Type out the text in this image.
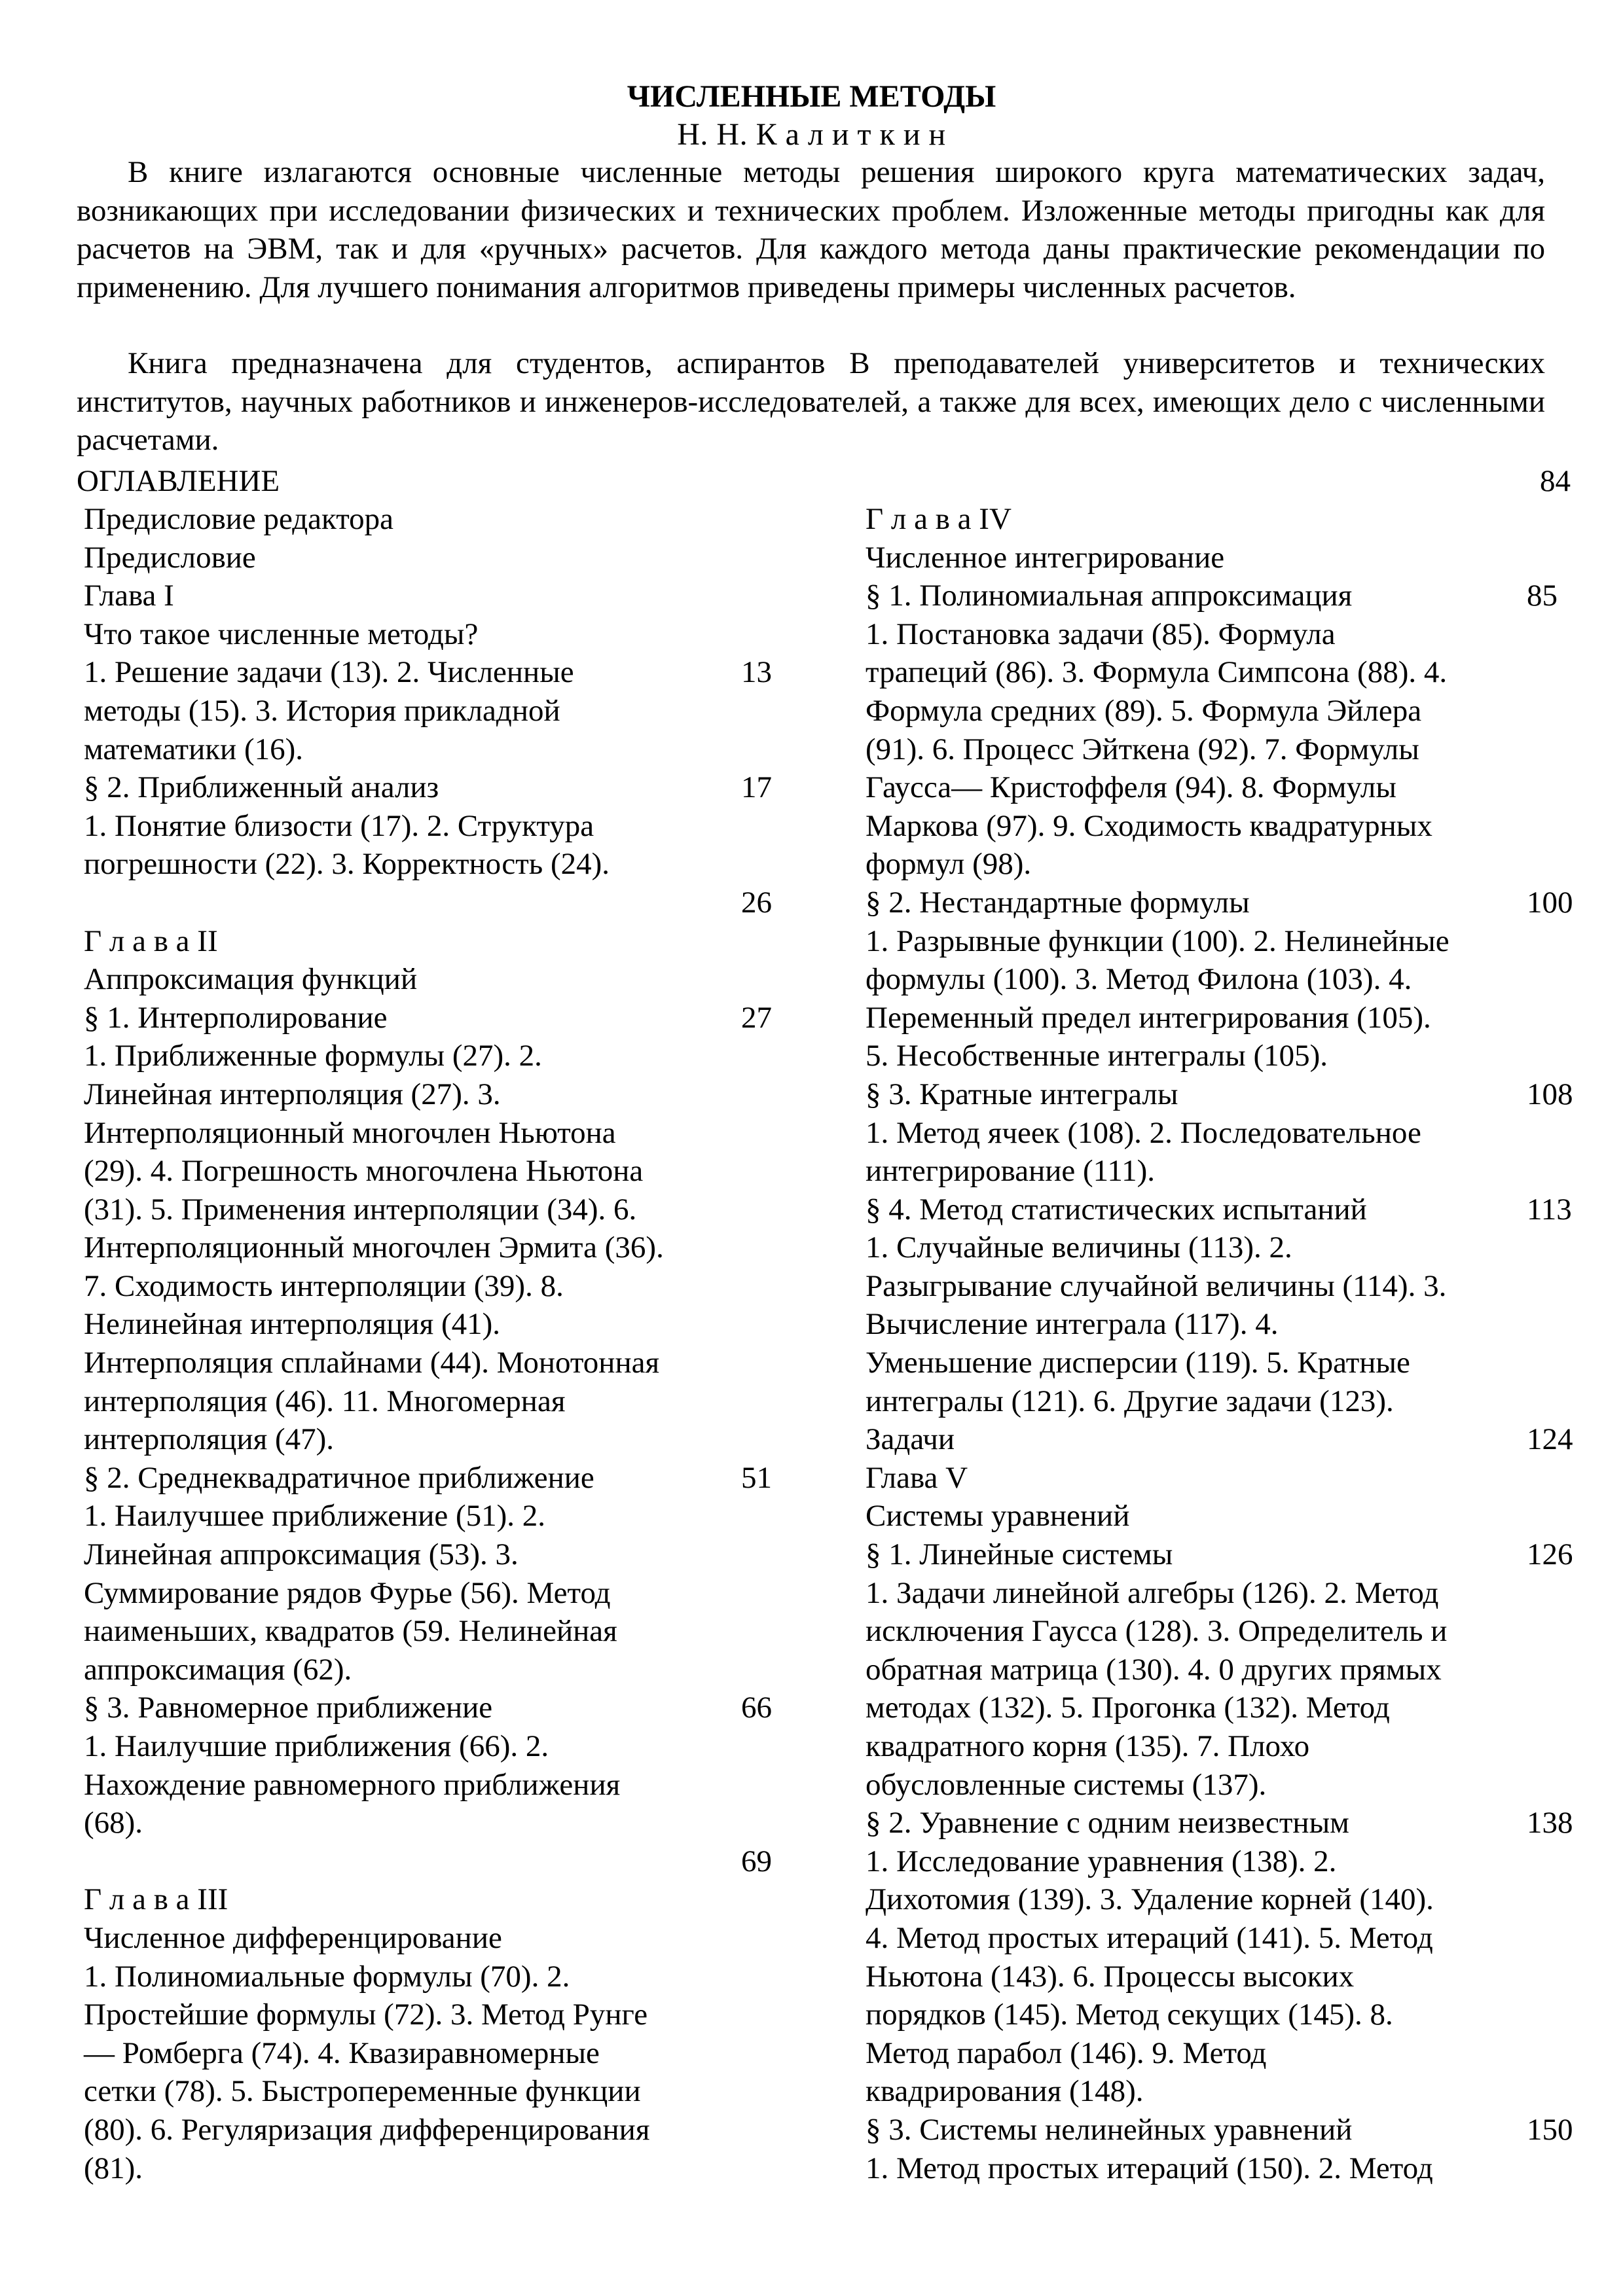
ЧИСЛЕННЫЕ МЕТОДЫ
Н. Н. К а л и т к и н

В книге излагаются основные численные методы решения широкого круга математических задач, возникающих при исследовании физических и технических проблем. Изложенные методы пригодны как для расчетов на ЭВМ, так и для «ручных» расчетов. Для каждого метода даны практические рекомендации по применению. Для лучшего понимания алгоритмов приведены примеры численных расчетов.

Книга предназначена для студентов, аспирантов В преподавателей университетов и технических институтов, научных работников и инженеров-исследователей, а также для всех, имеющих дело с численными расчетами.

ОГЛАВЛЕНИЕ	84
Предисловие редактора
Предисловие
Глава I
Что такое численные методы?
1. Решение задачи (13). 2. Численные	13
методы (15). 3. История прикладной
математики (16).
§ 2. Приближенный анализ	17
1. Понятие близости (17). 2. Структура
погрешности (22). 3. Корректность (24).
26
Г л а в а II
Аппроксимация функций
§ 1. Интерполирование	27
1. Приближенные формулы (27). 2.
Линейная интерполяция (27). 3.
Интерполяционный многочлен Ньютона
(29). 4. Погрешность многочлена Ньютона
(31). 5. Применения интерполяции (34). 6.
Интерполяционный многочлен Эрмита (36).
7. Сходимость интерполяции (39). 8.
Нелинейная интерполяция (41).
Интерполяция сплайнами (44). Монотонная
интерполяция (46). 11. Многомерная
интерполяция (47).
§ 2. Среднеквадратичное приближение	51
1. Наилучшее приближение (51). 2.
Линейная аппроксимация (53). 3.
Суммирование рядов Фурье (56). Метод
наименьших, квадратов (59. Нелинейная
аппроксимация (62).
§ 3. Равномерное приближение	66
1. Наилучшие приближения (66). 2.
Нахождение равномерного приближения
(68).
69
Г л а в а III
Численное дифференцирование
1. Полиномиальные формулы (70). 2.
Простейшие формулы (72). 3. Метод Рунге
— Ромберга (74). 4. Квазиравномерные
сетки (78). 5. Быстропеременные функции
(80). 6. Регуляризация дифференцирования
(81).
Г л а в а IV
Численное интегрирование
§ 1. Полиномиальная аппроксимация	85
1. Постановка задачи (85). Формула
трапеций (86). 3. Формула Симпсона (88). 4.
Формула средних (89). 5. Формула Эйлера
(91). 6. Процесс Эйткена (92). 7. Формулы
Гаусса— Кристоффеля (94). 8. Формулы
Маркова (97). 9. Сходимость квадратурных
формул (98).
§ 2. Нестандартные формулы	100
1. Разрывные функции (100). 2. Нелинейные
формулы (100). 3. Метод Филона (103). 4.
Переменный предел интегрирования (105).
5. Несобственные интегралы (105).
§ 3. Кратные интегралы	108
1. Метод ячеек (108). 2. Последовательное
интегрирование (111).
§ 4. Метод статистических испытаний	113
1. Случайные величины (113). 2.
Разыгрывание случайной величины (114). 3.
Вычисление интеграла (117). 4.
Уменьшение дисперсии (119). 5. Кратные
интегралы (121). 6. Другие задачи (123).
Задачи	124
Глава V
Системы уравнений
§ 1. Линейные системы	126
1. Задачи линейной алгебры (126). 2. Метод
исключения Гаусса (128). 3. Определитель и
обратная матрица (130). 4. 0 других прямых
методах (132). 5. Прогонка (132). Метод
квадратного корня (135). 7. Плохо
обусловленные системы (137).
§ 2. Уравнение с одним неизвестным	138
1. Исследование уравнения (138). 2.
Дихотомия (139). 3. Удаление корней (140).
4. Метод простых итераций (141). 5. Метод
Ньютона (143). 6. Процессы высоких
порядков (145). Метод секущих (145). 8.
Метод парабол (146). 9. Метод
квадрирования (148).
§ 3. Системы нелинейных уравнений	150
1. Метод простых итераций (150). 2. Метод
